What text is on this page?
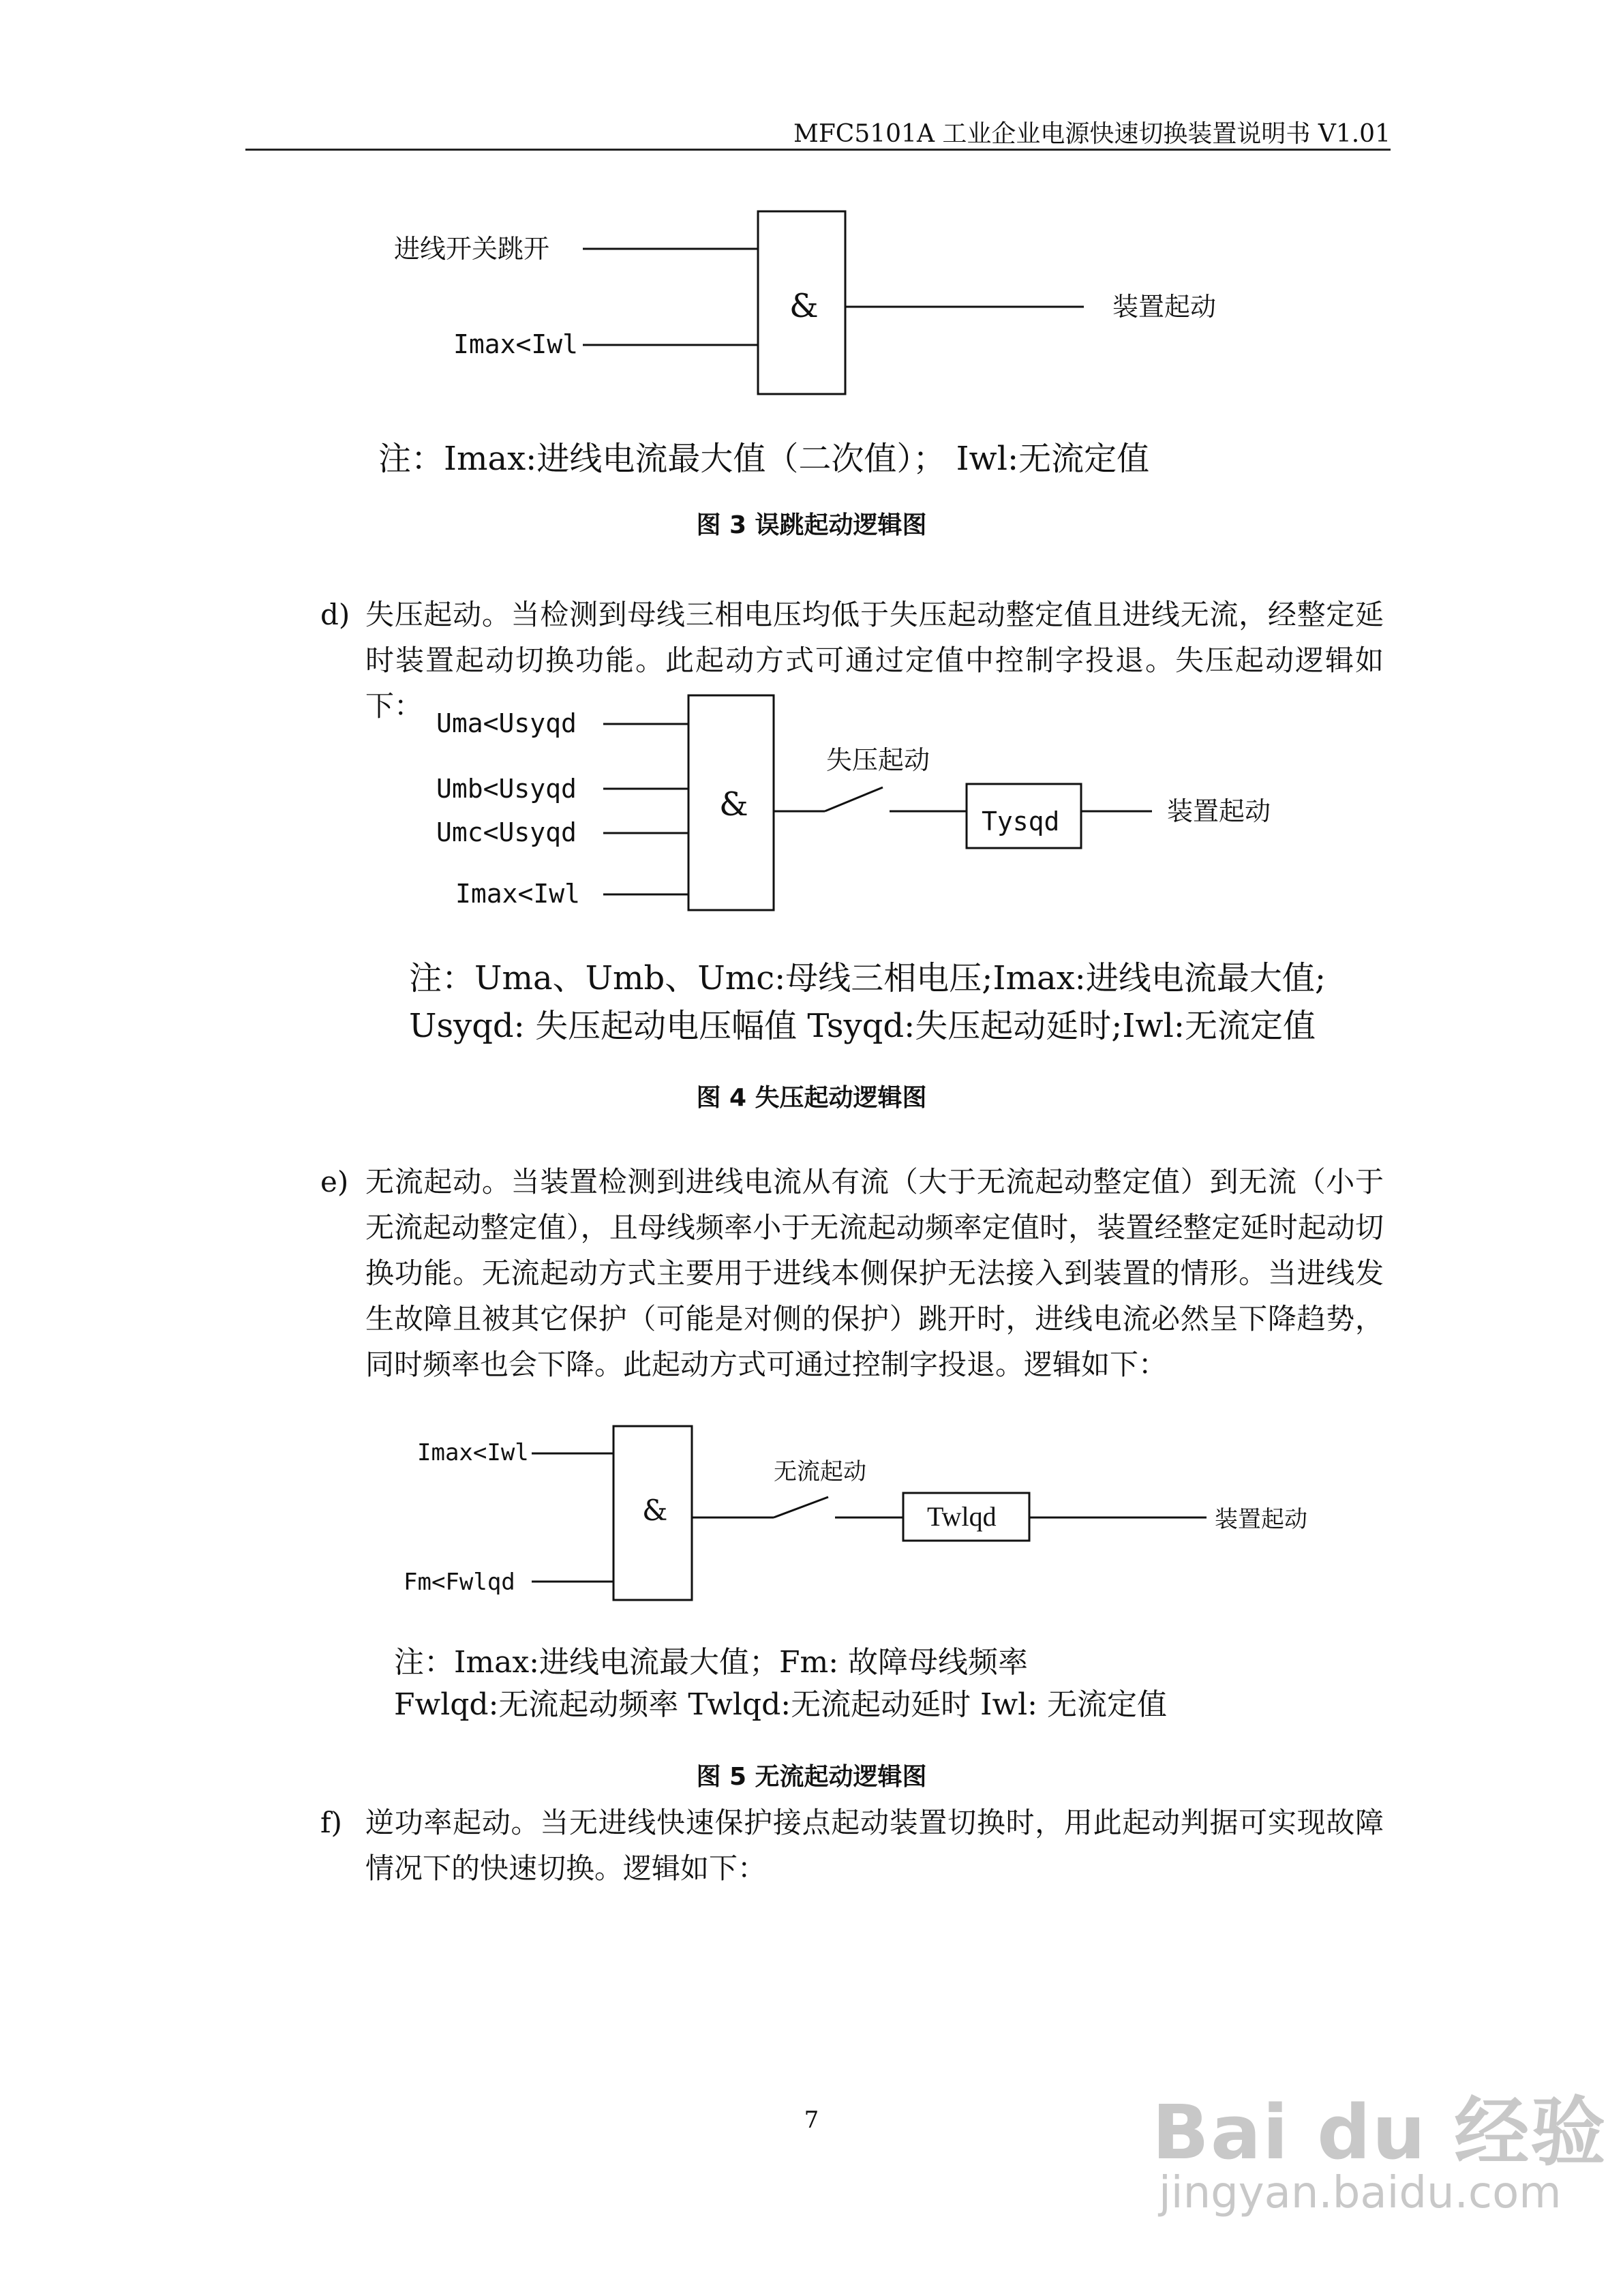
MFC5101A 工业企业电源快速切换装置说明书 V1.01
进线开关跳开
Imax<Iwl
&	装置起动
注：Imax:进线电流最大值（二次值）； Iwl:无流定值
图 3 误跳起动逻辑图
d) 失压起动。当检测到母线三相电压均低于失压起动整定值且进线无流，经整定延时装置起动切换功能。此起动方式可通过定值中控制字投退。失压起动逻辑如下：
Uma<Usyqd
Umb<Usyqd
Umc<Usyqd
Imax<Iwl
&
失压起动
Tysqd	装置起动
注：Uma、Umb、Umc:母线三相电压;Imax:进线电流最大值;
Usyqd: 失压起动电压幅值 Tsyqd:失压起动延时;Iwl:无流定值
图 4 失压起动逻辑图
e) 无流起动。当装置检测到进线电流从有流（大于无流起动整定值）到无流（小于无流起动整定值），且母线频率小于无流起动频率定值时，装置经整定延时起动切换功能。无流起动方式主要用于进线本侧保护无法接入到装置的情形。当进线发生故障且被其它保护（可能是对侧的保护）跳开时，进线电流必然呈下降趋势，同时频率也会下降。此起动方式可通过控制字投退。逻辑如下：
Imax<Iwl
Fm<Fwlqd
&
无流起动
Twlqd	装置起动
注：Imax:进线电流最大值；Fm: 故障母线频率
Fwlqd:无流起动频率 Twlqd:无流起动延时 Iwl: 无流定值
图 5 无流起动逻辑图
f) 逆功率起动。当无进线快速保护接点起动装置切换时，用此起动判据可实现故障情况下的快速切换。逻辑如下：
7	Bai du 经验
jingyan.baidu.com
